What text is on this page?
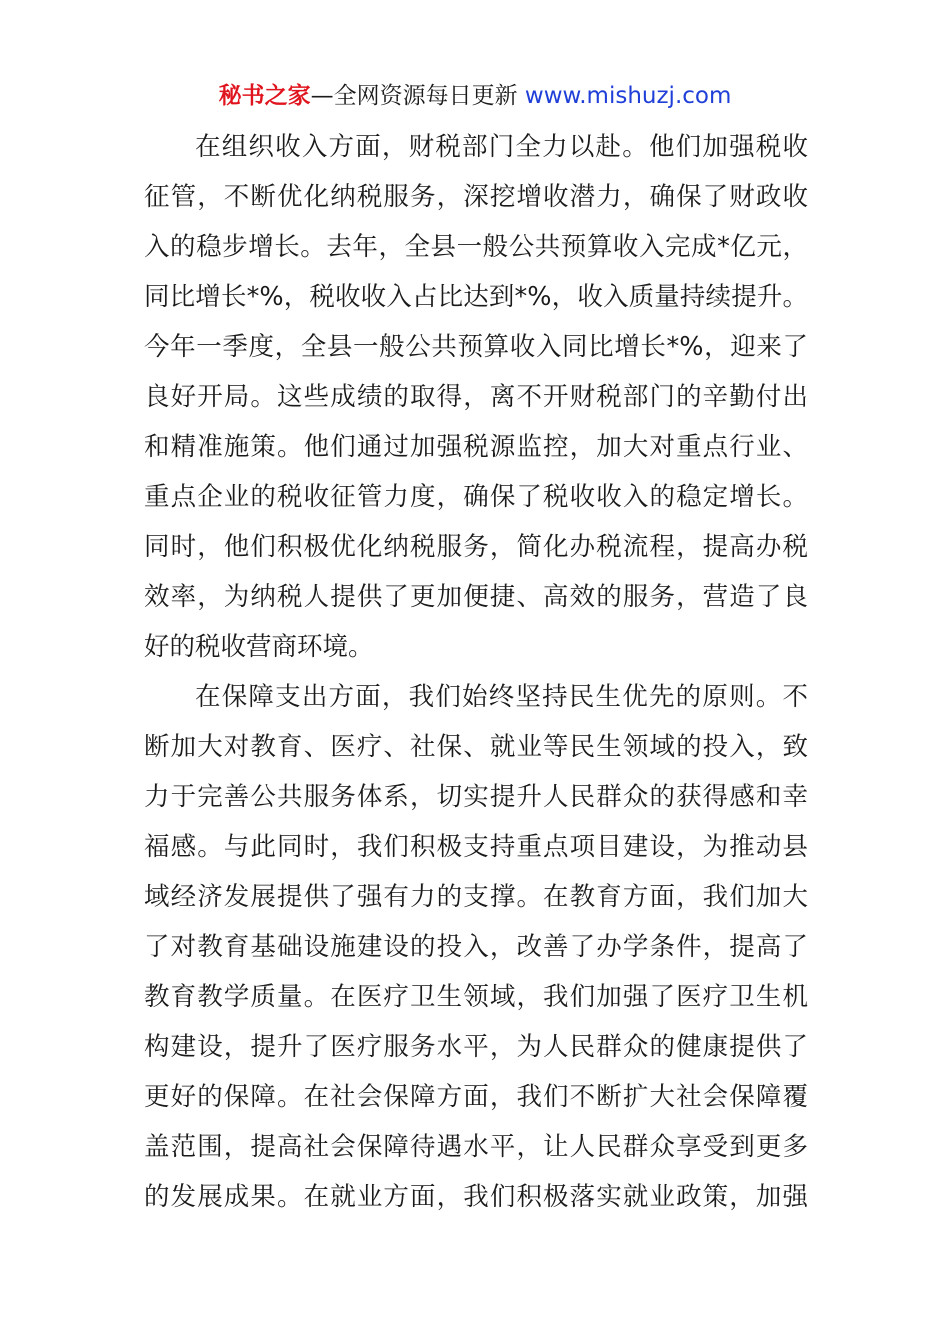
秘书之家—全网资源每日更新 www.mishuzj.com
在组织收入方面，财税部门全力以赴。他们加强税收
征管，不断优化纳税服务，深挖增收潜力，确保了财政收
入的稳步增长。去年，全县一般公共预算收入完成*亿元，
同比增长*%，税收收入占比达到*%，收入质量持续提升。
今年一季度，全县一般公共预算收入同比增长*%，迎来了
良好开局。这些成绩的取得，离不开财税部门的辛勤付出
和精准施策。他们通过加强税源监控，加大对重点行业、
重点企业的税收征管力度，确保了税收收入的稳定增长。
同时，他们积极优化纳税服务，简化办税流程，提高办税
效率，为纳税人提供了更加便捷、高效的服务，营造了良
好的税收营商环境。
在保障支出方面，我们始终坚持民生优先的原则。不
断加大对教育、医疗、社保、就业等民生领域的投入，致
力于完善公共服务体系，切实提升人民群众的获得感和幸
福感。与此同时，我们积极支持重点项目建设，为推动县
域经济发展提供了强有力的支撑。在教育方面，我们加大
了对教育基础设施建设的投入，改善了办学条件，提高了
教育教学质量。在医疗卫生领域，我们加强了医疗卫生机
构建设，提升了医疗服务水平，为人民群众的健康提供了
更好的保障。在社会保障方面，我们不断扩大社会保障覆
盖范围，提高社会保障待遇水平，让人民群众享受到更多
的发展成果。在就业方面，我们积极落实就业政策，加强
